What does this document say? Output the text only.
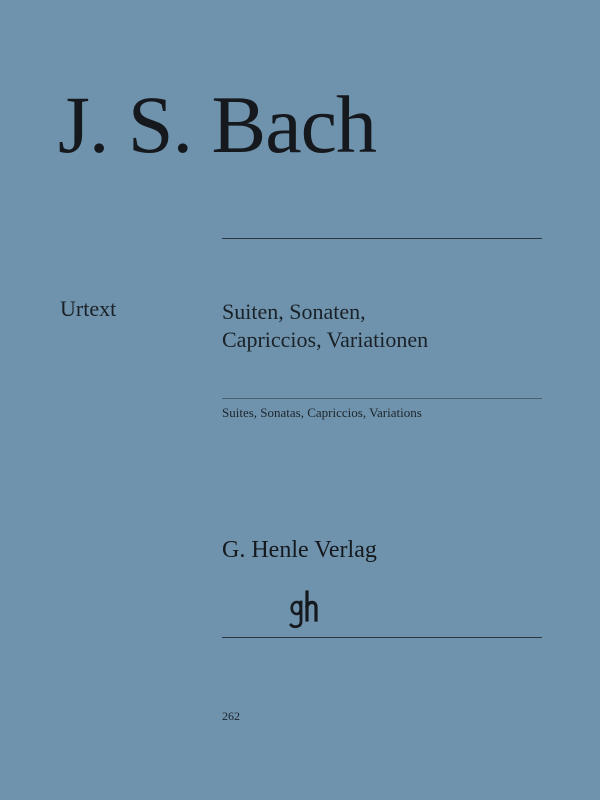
J. S. Bach
Urtext	Suiten, Sonaten,
Capriccios, Variationen
Suites, Sonatas, Capriccios, Variations
G. Henle Verlag
262
